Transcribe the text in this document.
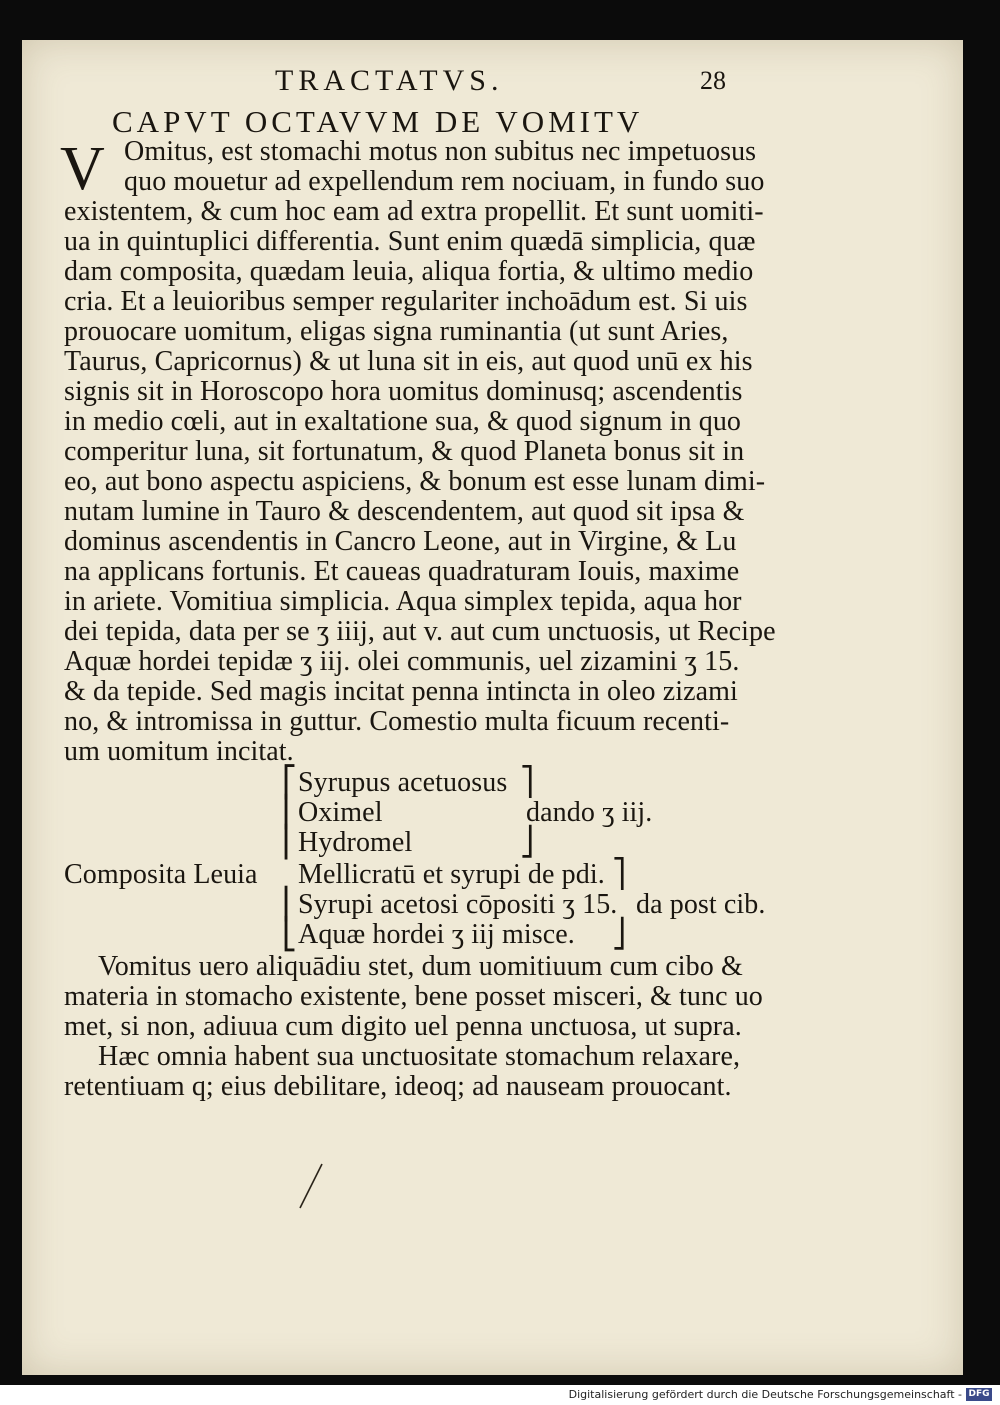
TRACTATVS.	28
CAPVT OCTAVVM DE VOMITV
V Omitus, est stomachi motus non subitus nec impetuosus
quo mouetur ad expellendum rem nociuam, in fundo suo
existentem, & cum hoc eam ad extra propellit. Et sunt uomiti-
ua in quintuplici differentia. Sunt enim quædā simplicia, quæ
dam composita, quædam leuia, aliqua fortia, & ultimo medio
cria. Et a leuioribus semper regulariter inchoādum est. Si uis
prouocare uomitum, eligas signa ruminantia (ut sunt Aries,
Taurus, Capricornus) & ut luna sit in eis, aut quod unū ex his
signis sit in Horoscopo hora uomitus dominusq; ascendentis
in medio cœli, aut in exaltatione sua, & quod signum in quo
comperitur luna, sit fortunatum, & quod Planeta bonus sit in
eo, aut bono aspectu aspiciens, & bonum est esse lunam dimi-
nutam lumine in Tauro & descendentem, aut quod sit ipsa &
dominus ascendentis in Cancro Leone, aut in Virgine, & Lu
na applicans fortunis. Et caueas quadraturam Iouis, maxime
in ariete. Vomitiua simplicia. Aqua simplex tepida, aqua hor
dei tepida, data per se ʒ iiij, aut v. aut cum unctuosis, ut Recipe
Aquæ hordei tepidæ ʒ iij. olei communis, uel zizamini ʒ 15.
& da tepide. Sed magis incitat penna intincta in oleo zizami
no, & intromissa in guttur. Comestio multa ficuum recenti-
um uomitum incitat.
⎡
⎢
⎢
Syrupus acetuosus
Oximel
Hydromel
⎤
dando ʒ iij.
⎦
Composita Leuia Mellicratū et syrupi de pdi. ⎤
⎢ Syrupi acetosi cōpositi ʒ 15. da post cib.
⎣ Aquæ hordei ʒ iij misce. ⎦
Vomitus uero aliquādiu stet, dum uomitiuum cum cibo &
materia in stomacho existente, bene posset misceri, & tunc uo
met, si non, adiuua cum digito uel penna unctuosa, ut supra.
Hæc omnia habent sua unctuositate stomachum relaxare,
retentiuam q; eius debilitare, ideoq; ad nauseam prouocant.
Digitalisierung gefördert durch die Deutsche Forschungsgemeinschaft - DFG
